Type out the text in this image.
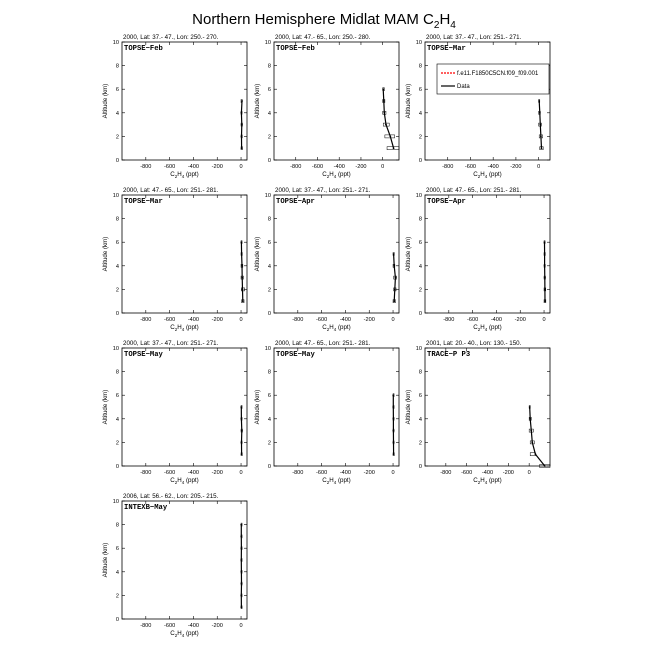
Northern Hemisphere Midlat MAM $C_2H_4$
2000, Lat: 37.- 47., Lon: 250.- 270.
TOPSE−Feb
0
2
4
6
8
10
-800 -600 -400 -200	0
Altitude (km)
$C_2H_4$ (ppt)
2000, Lat: 47.- 65., Lon: 250.- 280.
TOPSE−Feb
0
2
4
6
8
10
-800 -600 -400 -200	0
Altitude (km)
$C_2H_4$ (ppt)
2000, Lat: 37.- 47., Lon: 251.- 271.
TOPSE−Mar
0
2
4
6
8
10
-800 -600 -400 -200	0
Altitude (km)
$C_2H_4$ (ppt)
f.e11.F1850C5CN.f09_f09.001
Data
2000, Lat: 47.- 65., Lon: 251.- 281.
TOPSE−Mar
0
2
4
6
8
10
-800 -600 -400 -200	0
Altitude (km)
$C_2H_4$ (ppt)
2000, Lat: 37.- 47., Lon: 251.- 271.
TOPSE−Apr
0
2
4
6
8
10
-800 -600 -400 -200	0
Altitude (km)
$C_2H_4$ (ppt)
2000, Lat: 47.- 65., Lon: 251.- 281.
TOPSE−Apr
0
2
4
6
8
10
-800 -600 -400 -200	0
Altitude (km)
$C_2H_4$ (ppt)
2000, Lat: 37.- 47., Lon: 251.- 271.
TOPSE−May
0
2
4
6
8
10
-800 -600 -400 -200	0
Altitude (km)
$C_2H_4$ (ppt)
2000, Lat: 47.- 65., Lon: 251.- 281.
TOPSE−May
0
2
4
6
8
10
-800 -600 -400 -200	0
Altitude (km)
$C_2H_4$ (ppt)
2001, Lat: 20.- 40., Lon: 130.- 150.
TRACE−P P3
0
2
4
6
8
10
-800 -600 -400 -200 0
Altitude (km)
$C_2H_4$ (ppt)
2006, Lat: 56.- 62., Lon: 205.- 215.
INTEXB−May
0
2
4
6
8
10
-800 -600 -400 -200	0
Altitude (km)
$C_2H_4$ (ppt)
